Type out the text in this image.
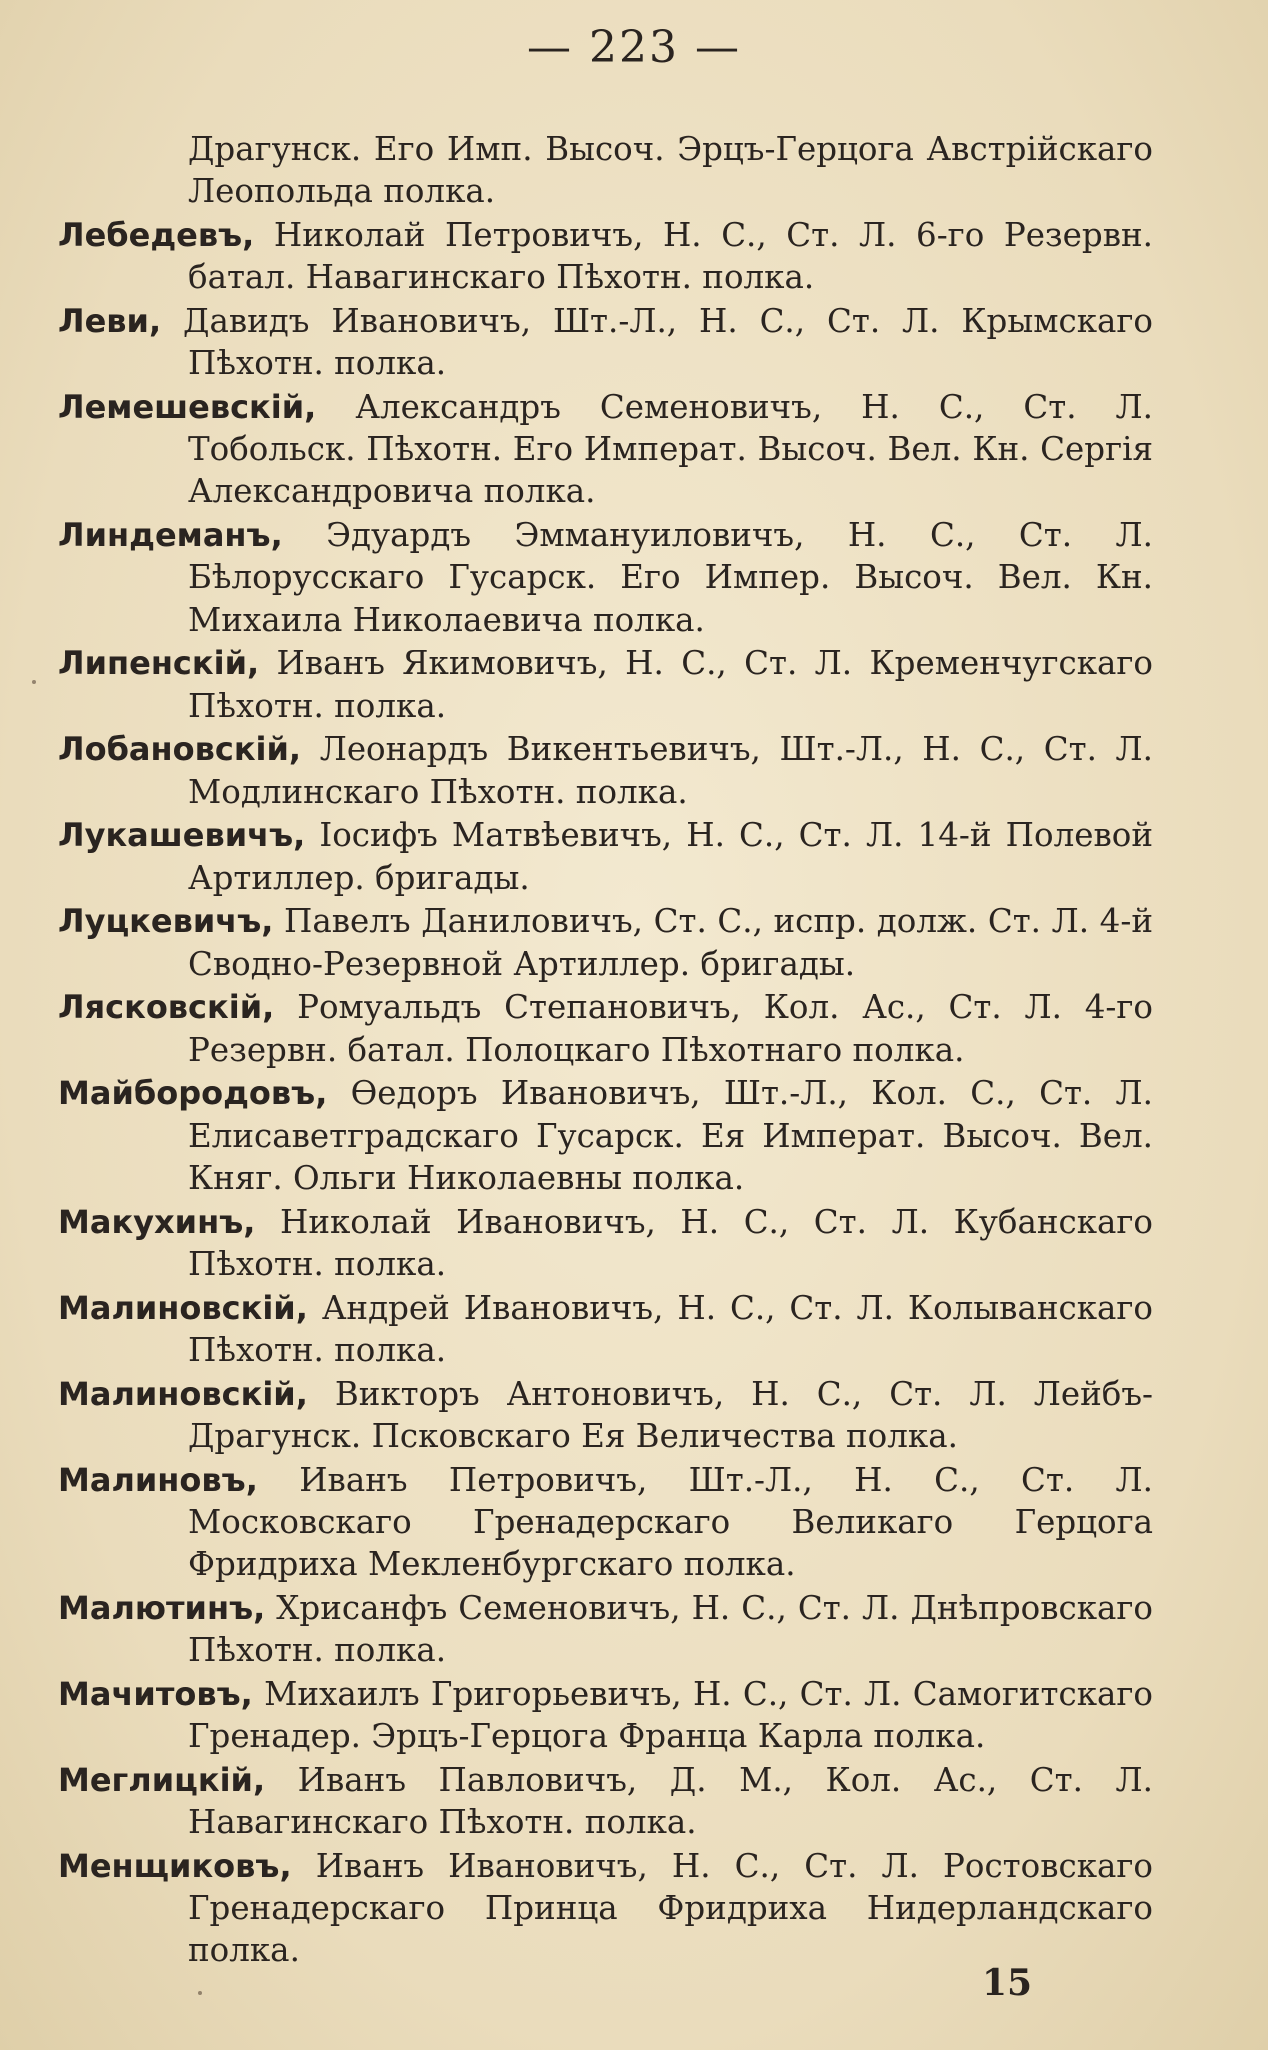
— 223 —
Драгунск. Его Имп. Высоч. Эрцъ-Герцога Австрійскаго Леопольда полка.
Лебедевъ, Николай Петровичъ, Н. С., Ст. Л. 6-го Резервн. батал. Навагинскаго Пѣхотн. полка.
Леви, Давидъ Ивановичъ, Шт.-Л., Н. С., Ст. Л. Крымскаго Пѣхотн. полка.
Лемешевскій, Александръ Семеновичъ, Н. С., Ст. Л. Тобольск. Пѣхотн. Его Императ. Высоч. Вел. Кн. Сергія Александровича полка.
Линдеманъ, Эдуардъ Эммануиловичъ, Н. С., Ст. Л. Бѣлорусскаго Гусарск. Его Импер. Высоч. Вел. Кн. Михаила Николаевича полка.
Липенскій, Иванъ Якимовичъ, Н. С., Ст. Л. Кременчугскаго Пѣхотн. полка.
Лобановскій, Леонардъ Викентьевичъ, Шт.-Л., Н. С., Ст. Л. Модлинскаго Пѣхотн. полка.
Лукашевичъ, Іосифъ Матвѣевичъ, Н. С., Ст. Л. 14-й Полевой Артиллер. бригады.
Луцкевичъ, Павелъ Даниловичъ, Ст. С., испр. долж. Ст. Л. 4-й Сводно-Резервной Артиллер. бригады.
Лясковскій, Ромуальдъ Степановичъ, Кол. Ас., Ст. Л. 4-го Резервн. батал. Полоцкаго Пѣхотнаго полка.
Майбородовъ, Ѳедоръ Ивановичъ, Шт.-Л., Кол. С., Ст. Л. Елисаветградскаго Гусарск. Ея Императ. Высоч. Вел. Княг. Ольги Николаевны полка.
Макухинъ, Николай Ивановичъ, Н. С., Ст. Л. Кубанскаго Пѣхотн. полка.
Малиновскій, Андрей Ивановичъ, Н. С., Ст. Л. Колыванскаго Пѣхотн. полка.
Малиновскій, Викторъ Антоновичъ, Н. С., Ст. Л. Лейбъ-Драгунск. Псковскаго Ея Величества полка.
Малиновъ, Иванъ Петровичъ, Шт.-Л., Н. С., Ст. Л. Московскаго Гренадерскаго Великаго Герцога Фридриха Мекленбургскаго полка.
Малютинъ, Хрисанфъ Семеновичъ, Н. С., Ст. Л. Днѣпровскаго Пѣхотн. полка.
Мачитовъ, Михаилъ Григорьевичъ, Н. С., Ст. Л. Самогитскаго Гренадер. Эрцъ-Герцога Франца Карла полка.
Меглицкій, Иванъ Павловичъ, Д. М., Кол. Ас., Ст. Л. Навагинскаго Пѣхотн. полка.
Менщиковъ, Иванъ Ивановичъ, Н. С., Ст. Л. Ростовскаго Гренадерскаго Принца Фридриха Нидерландскаго полка.
15
